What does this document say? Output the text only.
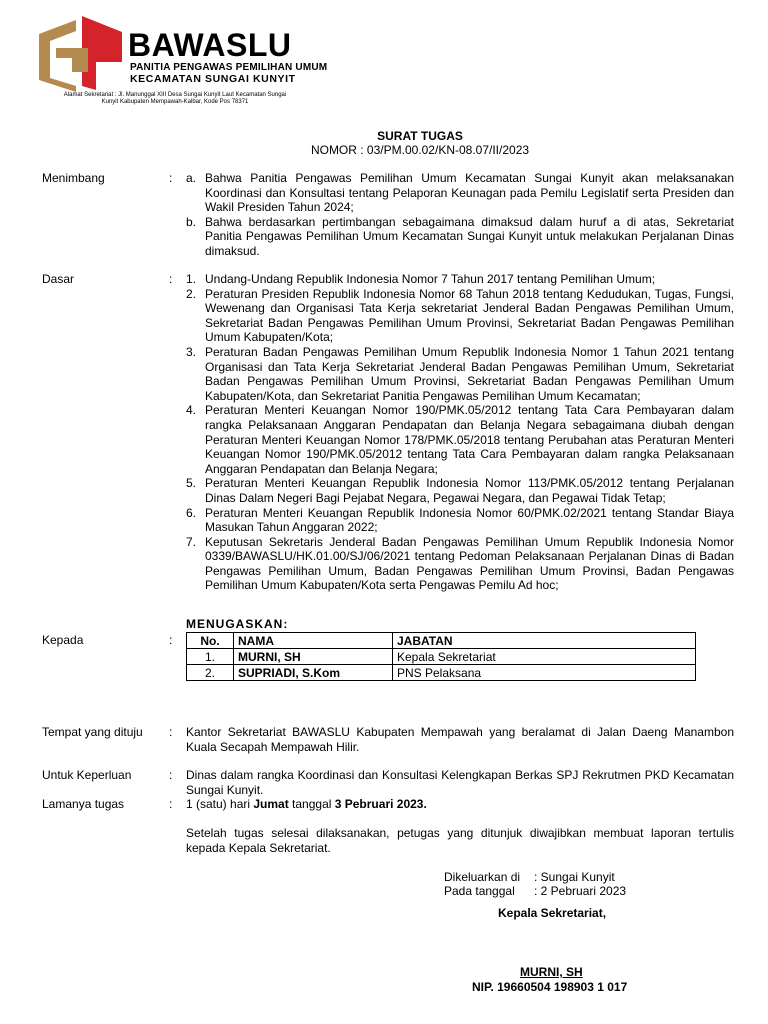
BAWASLU
PANITIA PENGAWAS PEMILIHAN UMUM
KECAMATAN SUNGAI KUNYIT
Alamat Sekretariat : Jl. Manunggal XIII Desa Sungai Kunyit Laut Kecamatan Sungai
Kunyit Kabupaten Mempawah-Kalbar, Kode Pos 78371
SURAT TUGAS
NOMOR : 03/PM.00.02/KN-08.07/II/2023
Menimbang	: a. Bahwa Panitia Pengawas Pemilihan Umum Kecamatan Sungai Kunyit akan melaksanakan Koordinasi dan Konsultasi tentang Pelaporan Keunagan pada Pemilu Legislatif serta Presiden dan Wakil Presiden Tahun 2024;
b. Bahwa berdasarkan pertimbangan sebagaimana dimaksud dalam huruf a di atas, Sekretariat Panitia Pengawas Pemilihan Umum Kecamatan Sungai Kunyit untuk melakukan Perjalanan Dinas dimaksud.
Dasar	: 1. Undang-Undang Republik Indonesia Nomor 7 Tahun 2017 tentang Pemilihan Umum;
2. Peraturan Presiden Republik Indonesia Nomor 68 Tahun 2018 tentang Kedudukan, Tugas, Fungsi, Wewenang dan Organisasi Tata Kerja sekretariat Jenderal Badan Pengawas Pemilihan Umum, Sekretariat Badan Pengawas Pemilihan Umum Provinsi, Sekretariat Badan Pengawas Pemilihan Umum Kabupaten/Kota;
3. Peraturan Badan Pengawas Pemilihan Umum Republik Indonesia Nomor 1 Tahun 2021 tentang Organisasi dan Tata Kerja Sekretariat Jenderal Badan Pengawas Pemilihan Umum, Sekretariat Badan Pengawas Pemilihan Umum Provinsi, Sekretariat Badan Pengawas Pemilihan Umum Kabupaten/Kota, dan Sekretariat Panitia Pengawas Pemilihan Umum Kecamatan;
4. Peraturan Menteri Keuangan Nomor 190/PMK.05/2012 tentang Tata Cara Pembayaran dalam rangka Pelaksanaan Anggaran Pendapatan dan Belanja Negara sebagaimana diubah dengan Peraturan Menteri Keuangan Nomor 178/PMK.05/2018 tentang Perubahan atas Peraturan Menteri Keuangan Nomor 190/PMK.05/2012 tentang Tata Cara Pembayaran dalam rangka Pelaksanaan Anggaran Pendapatan dan Belanja Negara;
5. Peraturan Menteri Keuangan Republik Indonesia Nomor 113/PMK.05/2012 tentang Perjalanan Dinas Dalam Negeri Bagi Pejabat Negara, Pegawai Negara, dan Pegawai Tidak Tetap;
6. Peraturan Menteri Keuangan Republik Indonesia Nomor 60/PMK.02/2021 tentang Standar Biaya Masukan Tahun Anggaran 2022;
7. Keputusan Sekretaris Jenderal Badan Pengawas Pemilihan Umum Republik Indonesia Nomor 0339/BAWASLU/HK.01.00/SJ/06/2021 tentang Pedoman Pelaksanaan Perjalanan Dinas di Badan Pengawas Pemilihan Umum, Badan Pengawas Pemilihan Umum Provinsi, Badan Pengawas Pemilihan Umum Kabupaten/Kota serta Pengawas Pemilu Ad hoc;
MENUGASKAN:
Kepada	: No.	NAMA	JABATAN
1.	MURNI, SH	Kepala Sekretariat
2.	SUPRIADI, S.Kom	PNS Pelaksana
Tempat yang dituju : Kantor Sekretariat BAWASLU Kabupaten Mempawah yang beralamat di Jalan Daeng Manambon Kuala Secapah Mempawah Hilir.
Untuk Keperluan	: Dinas dalam rangka Koordinasi dan Konsultasi Kelengkapan Berkas SPJ Rekrutmen PKD Kecamatan Sungai Kunyit.
Lamanya tugas	: 1 (satu) hari Jumat tanggal 3 Pebruari 2023.
Setelah tugas selesai dilaksanakan, petugas yang ditunjuk diwajibkan membuat laporan tertulis kepada Kepala Sekretariat.
Dikeluarkan di : Sungai Kunyit
Pada tanggal : 2 Pebruari 2023
Kepala Sekretariat,
MURNI, SH
NIP. 19660504 198903 1 017
